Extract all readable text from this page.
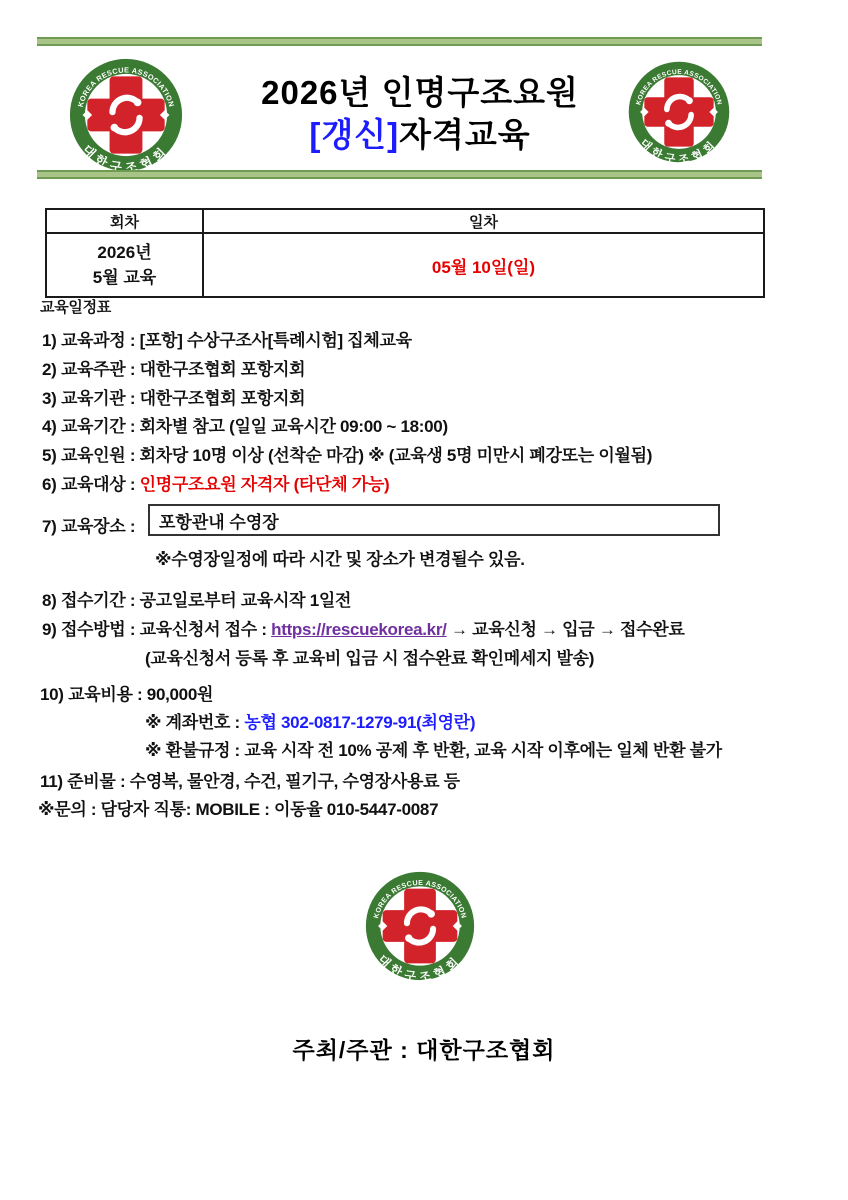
2026년 인명구조요원
[갱신]자격교육
회차	일차
2026년
5월 교육
05월 10일(일)
교육일정표
1) 교육과정 : [포항] 수상구조사[특례시험] 집체교육
2) 교육주관 : 대한구조협회 포항지회
3) 교육기관 : 대한구조협회 포항지회
4) 교육기간 : 회차별 참고 (일일 교육시간 09:00 ~ 18:00)
5) 교육인원 : 회차당 10명 이상 (선착순 마감) ※ (교육생 5명 미만시 폐강또는 이월됨)
6) 교육대상 : 인명구조요원 자격자 (타단체 가능)
7) 교육장소 : 포항관내 수영장
※수영장일정에 따라 시간 및 장소가 변경될수 있음.
8) 접수기간 : 공고일로부터 교육시작 1일전
9) 접수방법 : 교육신청서 접수 : https://rescuekorea.kr/ → 교육신청 → 입금 → 접수완료
(교육신청서 등록 후 교육비 입금 시 접수완료 확인메세지 발송)
10) 교육비용 : 90,000원
※ 계좌번호 : 농협 302-0817-1279-91(최영란)
※ 환불규정 : 교육 시작 전 10% 공제 후 반환, 교육 시작 이후에는 일체 반환 불가
11) 준비물 : 수영복, 물안경, 수건, 필기구, 수영장사용료 등
※문의 : 담당자 직통: MOBILE : 이동율 010-5447-0087
주최/주관 : 대한구조협회
